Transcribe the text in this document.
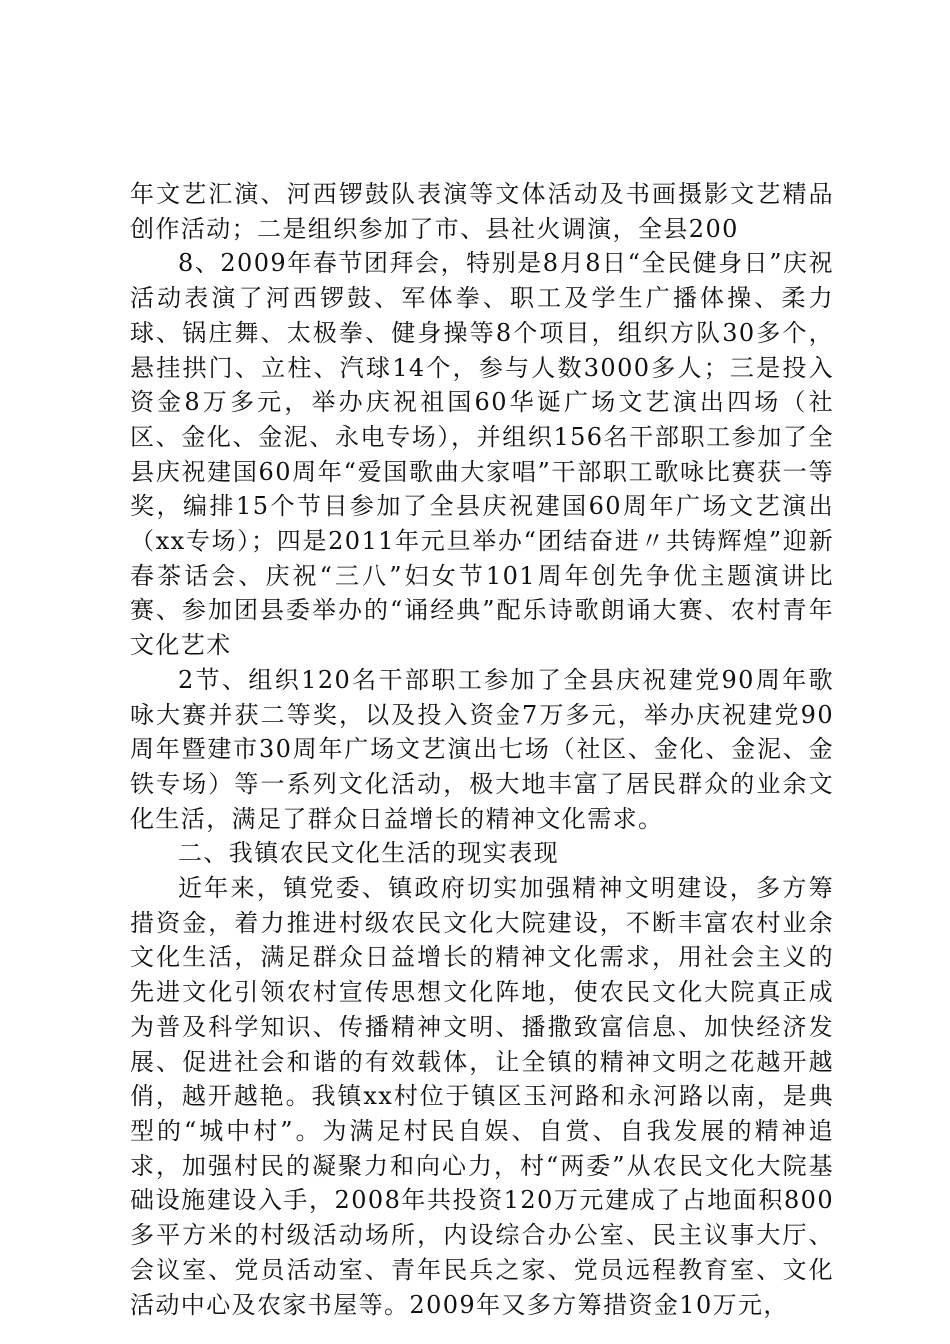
年文艺汇演、河西锣鼓队表演等文体活动及书画摄影文艺精品创作活动；二是组织参加了市、县社火调演，全县200

8、2009年春节团拜会，特别是8月8日“全民健身日”庆祝活动表演了河西锣鼓、军体拳、职工及学生广播体操、柔力球、锅庄舞、太极拳、健身操等8个项目，组织方队30多个，悬挂拱门、立柱、汽球14个，参与人数3000多人；三是投入资金8万多元，举办庆祝祖国60华诞广场文艺演出四场（社区、金化、金泥、永电专场），并组织156名干部职工参加了全县庆祝建国60周年“爱国歌曲大家唱”干部职工歌咏比赛获一等奖，编排15个节目参加了全县庆祝建国60周年广场文艺演出（xx专场）；四是2011年元旦举办“团结奋进〃共铸辉煌”迎新春茶话会、庆祝“三八”妇女节101周年创先争优主题演讲比赛、参加团县委举办的“诵经典”配乐诗歌朗诵大赛、农村青年文化艺术

2节、组织120名干部职工参加了全县庆祝建党90周年歌咏大赛并获二等奖，以及投入资金7万多元，举办庆祝建党90周年暨建市30周年广场文艺演出七场（社区、金化、金泥、金铁专场）等一系列文化活动，极大地丰富了居民群众的业余文化生活，满足了群众日益增长的精神文化需求。

二、我镇农民文化生活的现实表现

近年来，镇党委、镇政府切实加强精神文明建设，多方筹措资金，着力推进村级农民文化大院建设，不断丰富农村业余文化生活，满足群众日益增长的精神文化需求，用社会主义的先进文化引领农村宣传思想文化阵地，使农民文化大院真正成为普及科学知识、传播精神文明、播撒致富信息、加快经济发展、促进社会和谐的有效载体，让全镇的精神文明之花越开越俏，越开越艳。我镇xx村位于镇区玉河路和永河路以南，是典型的“城中村”。为满足村民自娱、自赏、自我发展的精神追求，加强村民的凝聚力和向心力，村“两委”从农民文化大院基础设施建设入手，2008年共投资120万元建成了占地面积800多平方米的村级活动场所，内设综合办公室、民主议事大厅、会议室、党员活动室、青年民兵之家、党员远程教育室、文化活动中心及农家书屋等。2009年又多方筹措资金10万元，
